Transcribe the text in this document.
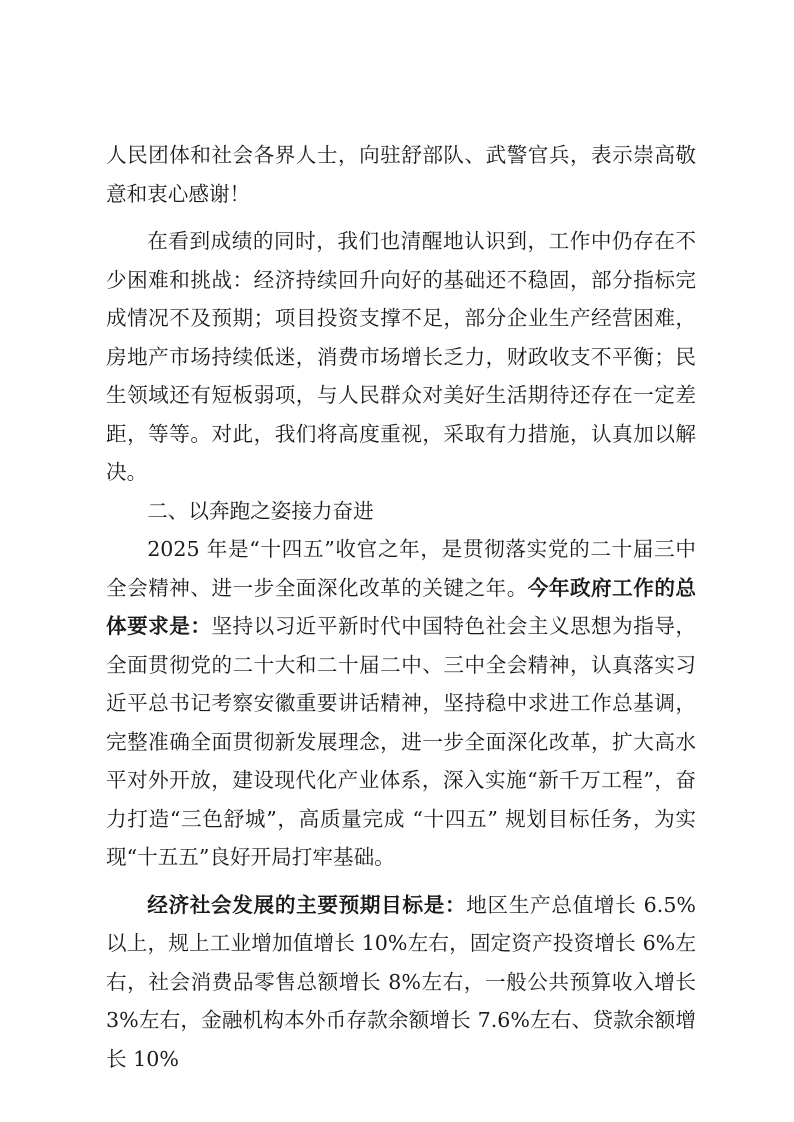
人民团体和社会各界人士，向驻舒部队、武警官兵，表示崇高敬意和衷心感谢！

在看到成绩的同时，我们也清醒地认识到，工作中仍存在不少困难和挑战：经济持续回升向好的基础还不稳固，部分指标完成情况不及预期；项目投资支撑不足，部分企业生产经营困难，房地产市场持续低迷，消费市场增长乏力，财政收支不平衡；民生领域还有短板弱项，与人民群众对美好生活期待还存在一定差距，等等。对此，我们将高度重视，采取有力措施，认真加以解决。

二、以奔跑之姿接力奋进

2025 年是“十四五”收官之年，是贯彻落实党的二十届三中全会精神、进一步全面深化改革的关键之年。今年政府工作的总体要求是：坚持以习近平新时代中国特色社会主义思想为指导，全面贯彻党的二十大和二十届二中、三中全会精神，认真落实习近平总书记考察安徽重要讲话精神，坚持稳中求进工作总基调，完整准确全面贯彻新发展理念，进一步全面深化改革，扩大高水平对外开放，建设现代化产业体系，深入实施“新千万工程”，奋力打造“三色舒城”，高质量完成 “十四五” 规划目标任务，为实现“十五五”良好开局打牢基础。

经济社会发展的主要预期目标是：地区生产总值增长 6.5%以上，规上工业增加值增长 10%左右，固定资产投资增长 6%左右，社会消费品零售总额增长 8%左右，一般公共预算收入增长 3%左右，金融机构本外币存款余额增长 7.6%左右、贷款余额增长 10%
